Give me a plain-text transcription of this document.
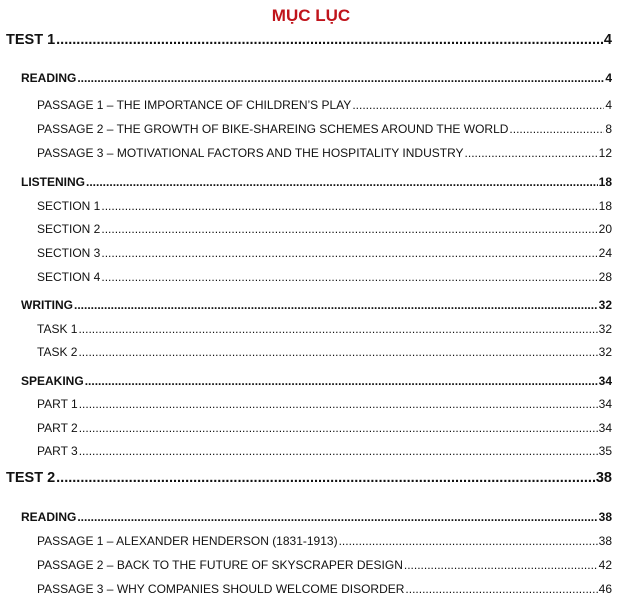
MỤC LỤC
TEST 1 .....	4
READING .....	4
PASSAGE 1 – THE IMPORTANCE OF CHILDREN’S PLAY .....	4
PASSAGE 2 – THE GROWTH OF BIKE-SHAREING SCHEMES AROUND THE WORLD .....	8
PASSAGE 3 – MOTIVATIONAL FACTORS AND THE HOSPITALITY INDUSTRY .....	12
LISTENING .....	18
SECTION 1 .....	18
SECTION 2 .....	20
SECTION 3 .....	24
SECTION 4 .....	28
WRITING .....	32
TASK 1 .....	32
TASK 2 .....	32
SPEAKING .....	34
PART 1 .....	34
PART 2 .....	34
PART 3 .....	35
TEST 2 .....	38
READING .....	38
PASSAGE 1 – ALEXANDER HENDERSON (1831-1913) .....	38
PASSAGE 2 – BACK TO THE FUTURE OF SKYSCRAPER DESIGN .....	42
PASSAGE 3 – WHY COMPANIES SHOULD WELCOME DISORDER .....	46
